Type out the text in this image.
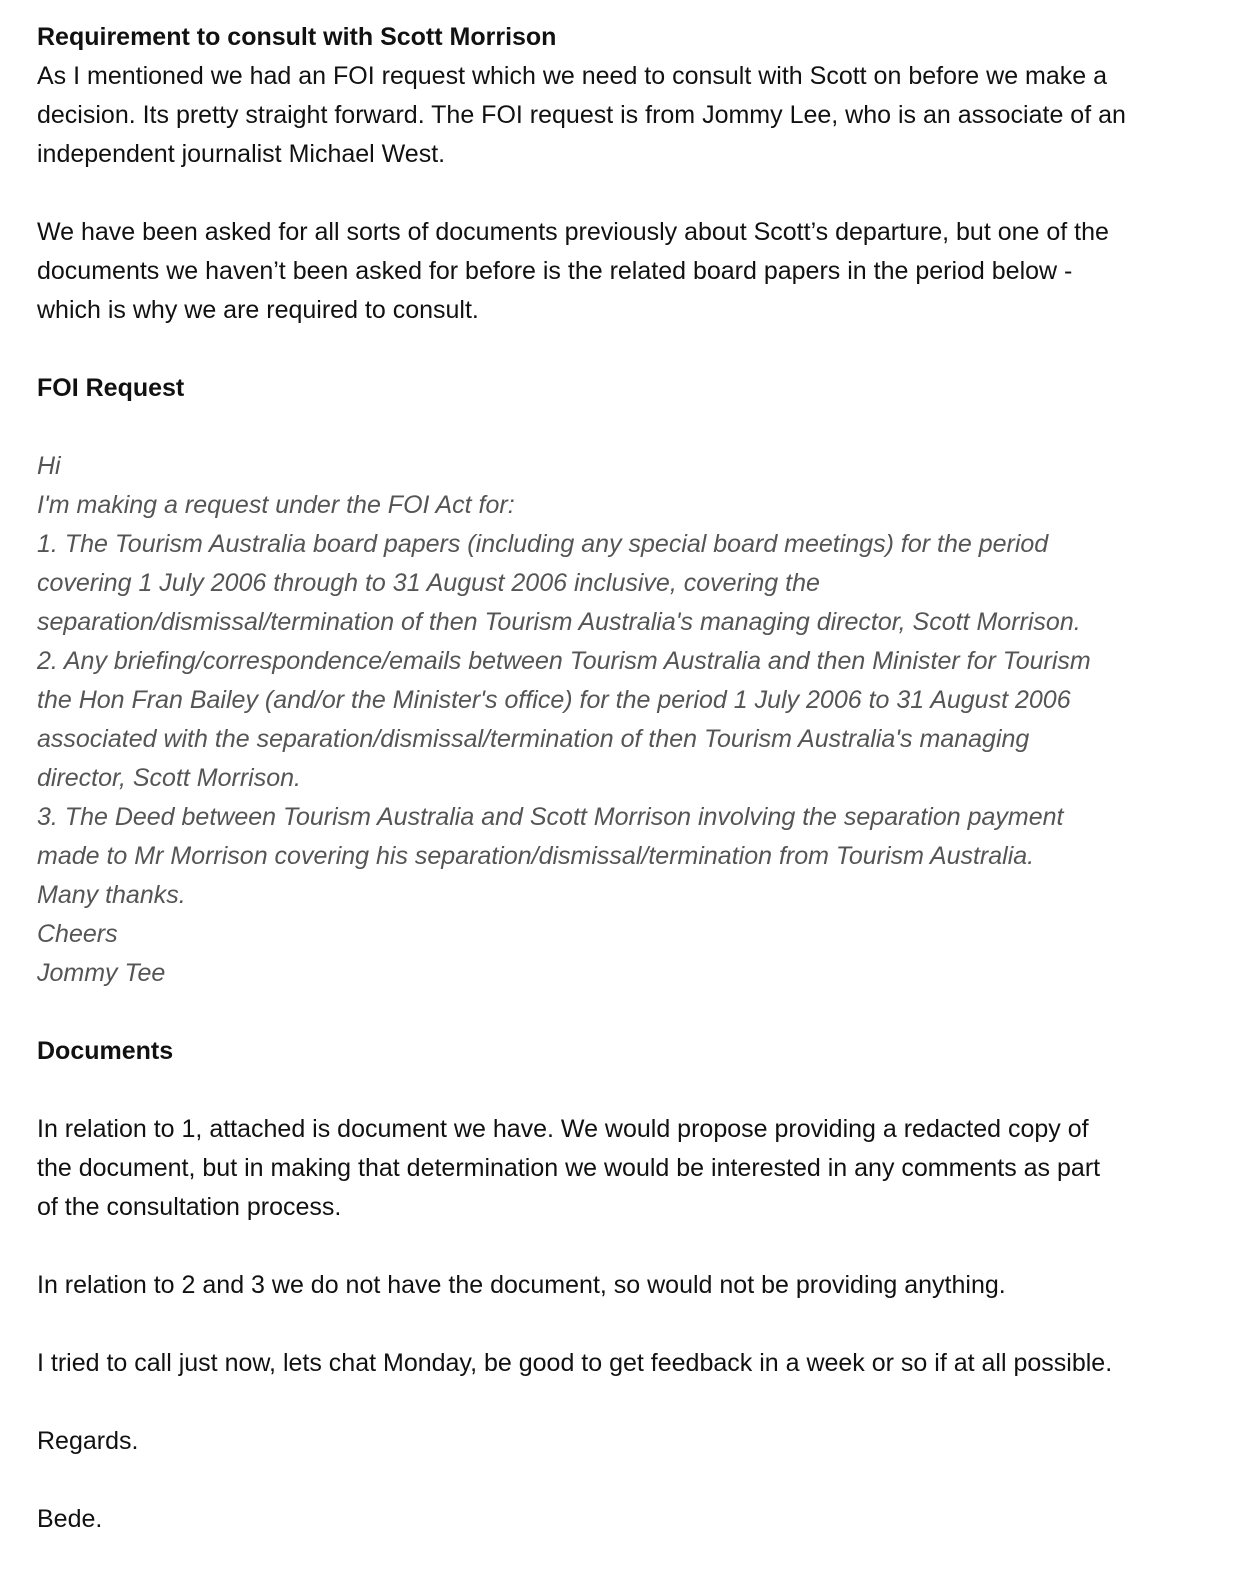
Requirement to consult with Scott Morrison
As I mentioned we had an FOI request which we need to consult with Scott on before we make a
decision. Its pretty straight forward. The FOI request is from Jommy Lee, who is an associate of an
independent journalist Michael West.
We have been asked for all sorts of documents previously about Scott’s departure, but one of the
documents we haven’t been asked for before is the related board papers in the period below -
which is why we are required to consult.
FOI Request
Hi
I'm making a request under the FOI Act for:
1. The Tourism Australia board papers (including any special board meetings) for the period
covering 1 July 2006 through to 31 August 2006 inclusive, covering the
separation/dismissal/termination of then Tourism Australia's managing director, Scott Morrison.
2. Any briefing/correspondence/emails between Tourism Australia and then Minister for Tourism
the Hon Fran Bailey (and/or the Minister's office) for the period 1 July 2006 to 31 August 2006
associated with the separation/dismissal/termination of then Tourism Australia's managing
director, Scott Morrison.
3. The Deed between Tourism Australia and Scott Morrison involving the separation payment
made to Mr Morrison covering his separation/dismissal/termination from Tourism Australia.
Many thanks.
Cheers
Jommy Tee
Documents
In relation to 1, attached is document we have. We would propose providing a redacted copy of
the document, but in making that determination we would be interested in any comments as part
of the consultation process.
In relation to 2 and 3 we do not have the document, so would not be providing anything.
I tried to call just now, lets chat Monday, be good to get feedback in a week or so if at all possible.
Regards.
Bede.
